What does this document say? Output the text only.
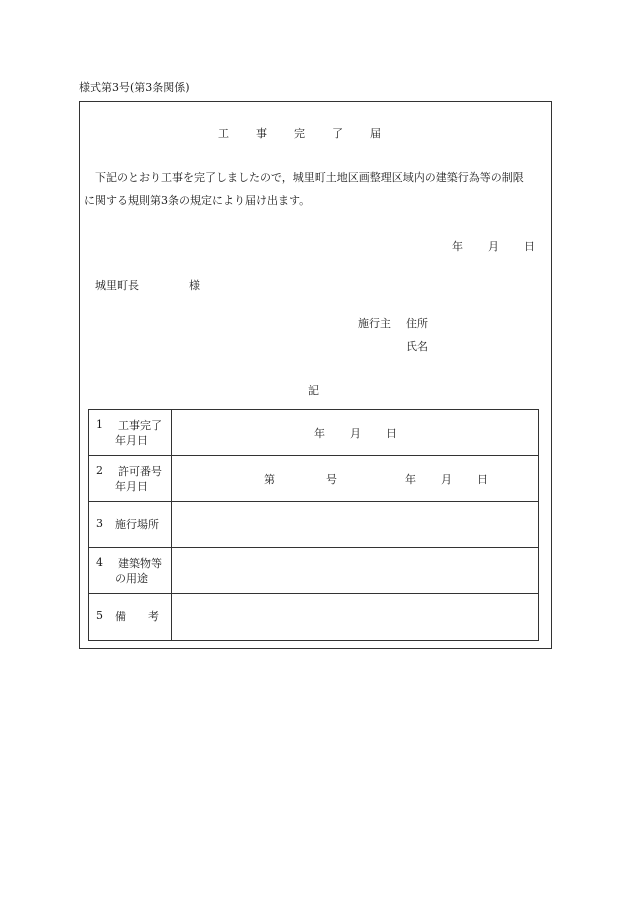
様式第3号(第3条関係)
工事完了届
下記のとおり工事を完了しましたので，城里町土地区画整理区域内の建築行為等の制限
に関する規則第3条の規定により届け出ます。
年 月 日
城里町長	様
施行主 住所
氏名
記
1 工事完了
年月日	年 月 日

2 許可番号
年月日	第 号 年 月 日

3 施行場所	

4 建築物等
の用途	

5 備　　考	
